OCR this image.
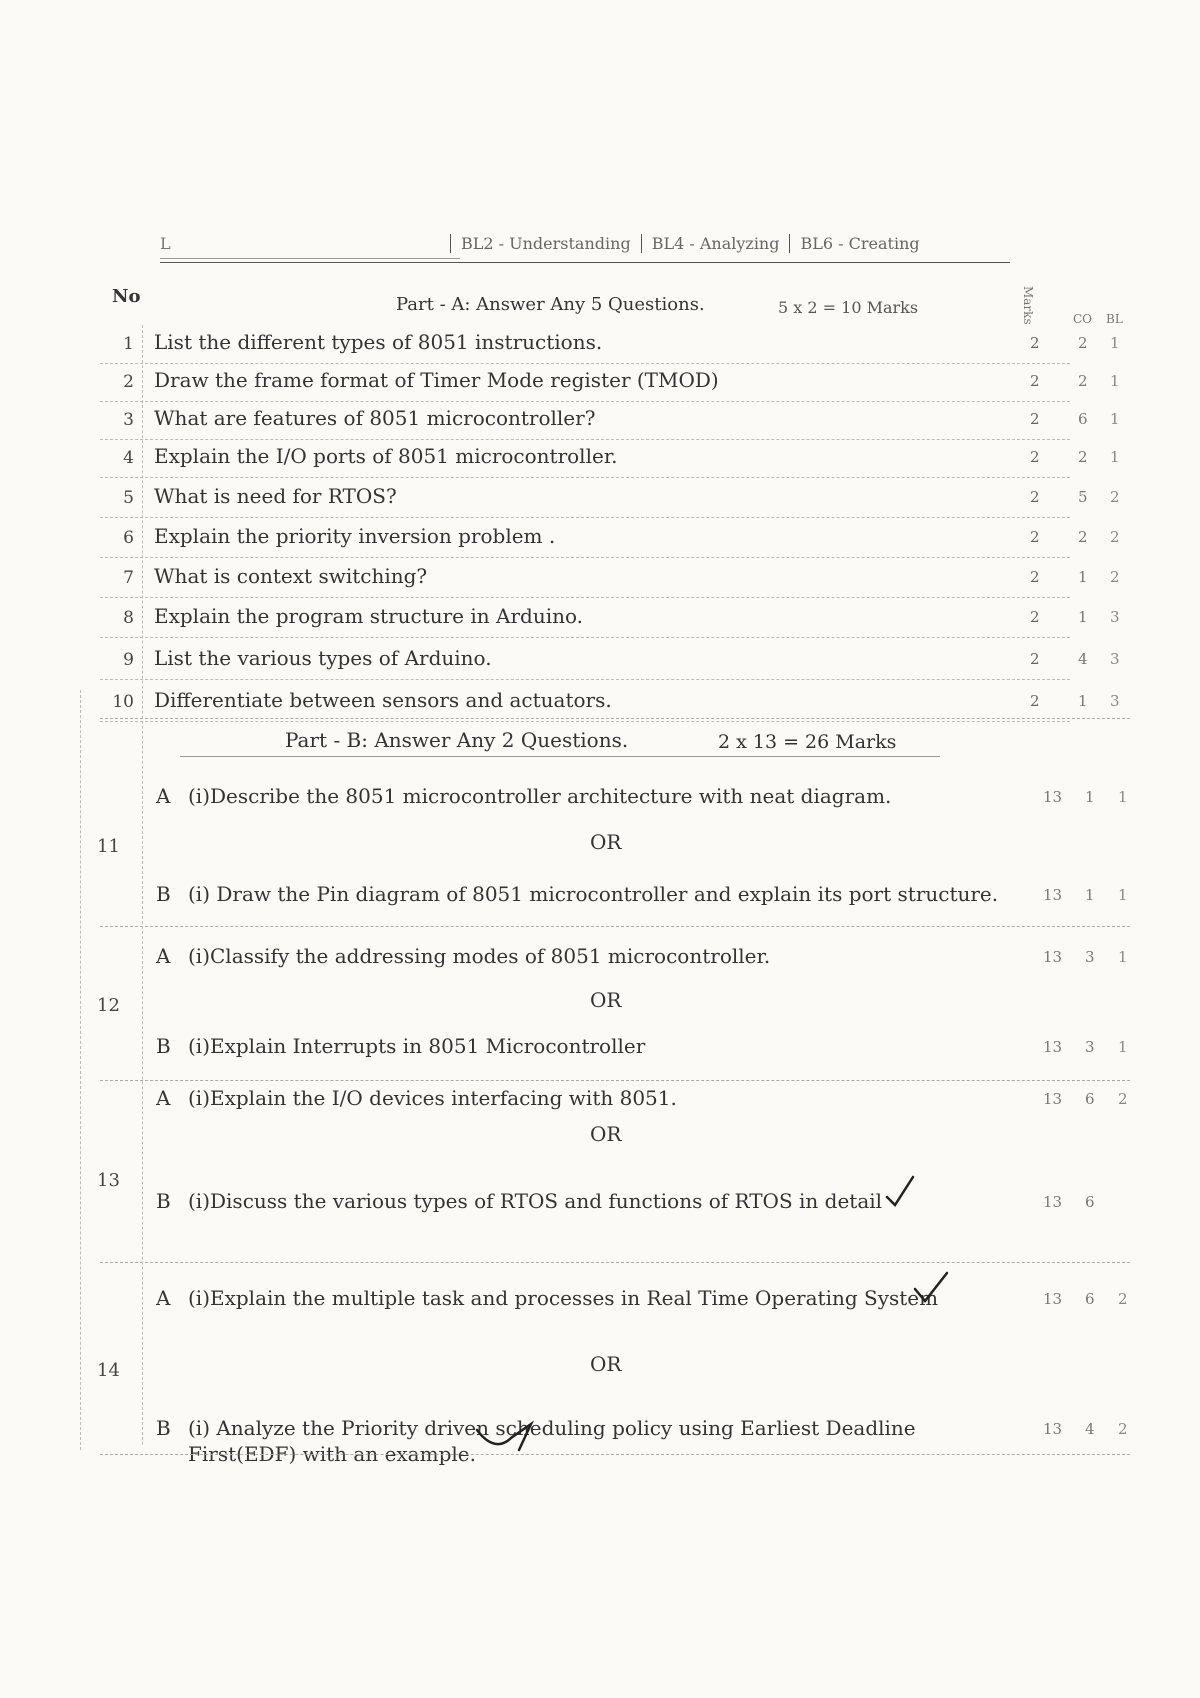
L	BL2 - Understanding	BL4 - Analyzing	BL6 - Creating
No	Part - A: Answer Any 5 Questions.	5 x 2 = 10 Marks	Marks	CO BL
1 List the different types of 8051 instructions.	2	2 1
2 Draw the frame format of Timer Mode register (TMOD)	2	2 1
3 What are features of 8051 microcontroller?	2	6 1
4 Explain the I/O ports of 8051 microcontroller.	2	2 1
5 What is need for RTOS?	2	5 2
6 Explain the priority inversion problem .	2	2 2
7 What is context switching?	2	1 2
8 Explain the program structure in Arduino.	2	1 3
9 List the various types of Arduino.	2	4 3
10 Differentiate between sensors and actuators.	2	1 3
Part - B: Answer Any 2 Questions.	2 x 13 = 26 Marks
11
A (i)Describe the 8051 microcontroller architecture with neat diagram.	13 1 1
B (i) Draw the Pin diagram of 8051 microcontroller and explain its port structure.	13 1 1
OR
12
A (i)Classify the addressing modes of 8051 microcontroller.	13 3 1
B (i)Explain Interrupts in 8051 Microcontroller	13 3 1
OR
13
A (i)Explain the I/O devices interfacing with 8051.	13 6 2
B (i)Discuss the various types of RTOS and functions of RTOS in detail	13 6
OR
14
A (i)Explain the multiple task and processes in Real Time Operating System	13 6 2
B (i) Analyze the Priority driven scheduling policy using Earliest Deadline	13 4 2
First(EDF) with an example.
OR
